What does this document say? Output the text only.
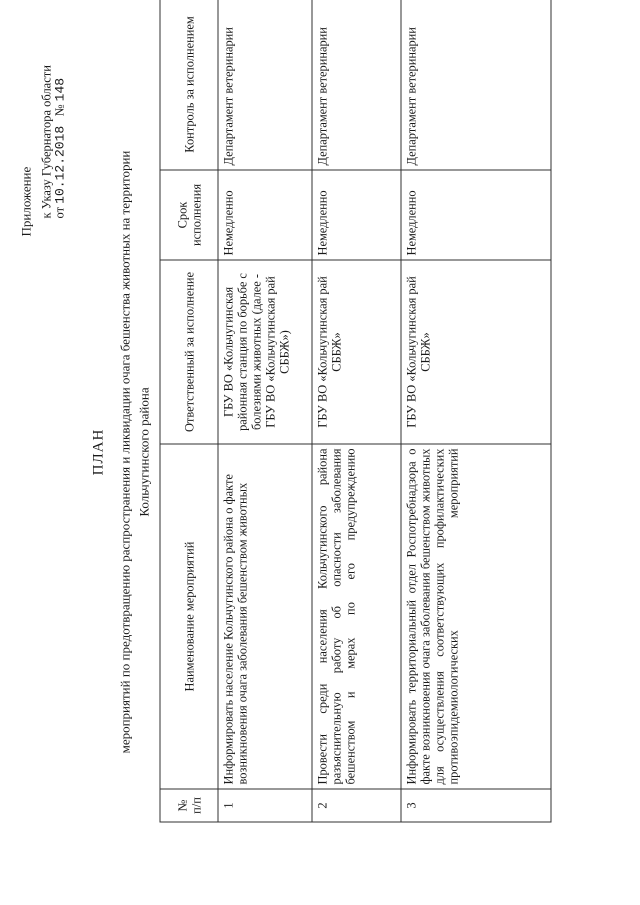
Приложение к Указу Губернатора области от 10.12.2018   № 148
ПЛАН мероприятий по предотвращению распространения и ликвидации очага бешенства животных на территории Кольчугинского района
№ п/п	Наименование мероприятий	Ответственный за исполнение	Срок исполнения	Контроль за исполнением
1	Информировать население Кольчугинского района о факте возникновения очага заболевания бешенством животных	ГБУ ВО «Кольчугинская районная станция по борьбе с болезнями животных (далее - ГБУ ВО «Кольчугинская рай СББЖ»)	Немедленно	Департамент ветеринарии
2	Провести среди населения Кольчугинского района разъяснительную работу об опасности заболевания бешенством и мерах по его предупреждению	ГБУ ВО «Кольчугинская рай СББЖ»	Немедленно	Департамент ветеринарии
3	Информировать территориальный отдел Роспотребнадзора о факте возникновения очага заболевания бешенством животных для осуществления соответствующих профилактических противоэпидемиологических мероприятий	ГБУ ВО «Кольчугинская рай СББЖ»	Немедленно	Департамент ветеринарии
